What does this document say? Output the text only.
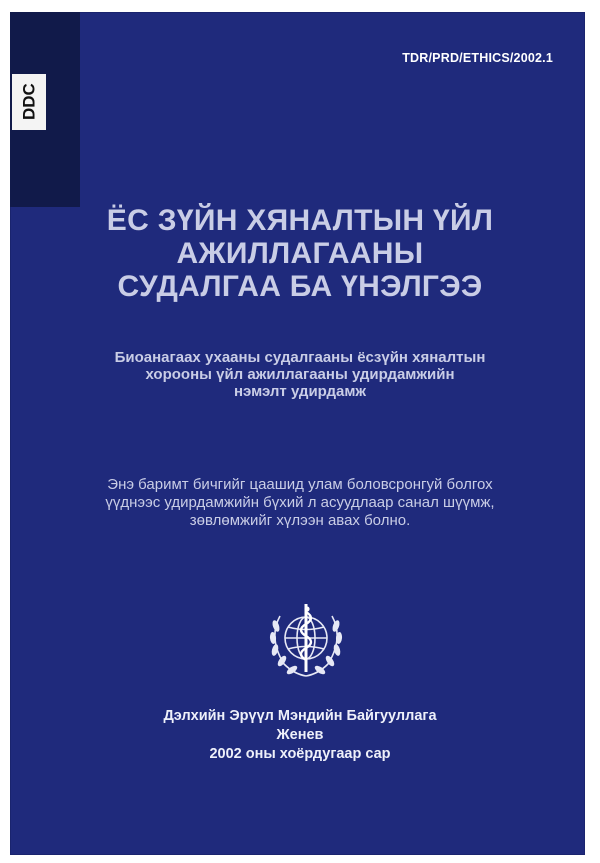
DDC
TDR/PRD/ETHICS/2002.1
ЁС ЗҮЙН ХЯНАЛТЫН ҮЙЛ
АЖИЛЛАГААНЫ
СУДАЛГАА БА ҮНЭЛГЭЭ
Биоанагаах ухааны судалгааны ёсзүйн хяналтын
хорооны үйл ажиллагааны удирдамжийн
нэмэлт удирдамж
Энэ баримт бичгийг цаашид улам боловсронгуй болгох
үүднээс удирдамжийн бүхий л асуудлаар санал шүүмж,
зөвлөмжийг хүлээн авах болно.
Дэлхийн Эрүүл Мэндийн Байгууллага
Женев
2002 оны хоёрдугаар сар
